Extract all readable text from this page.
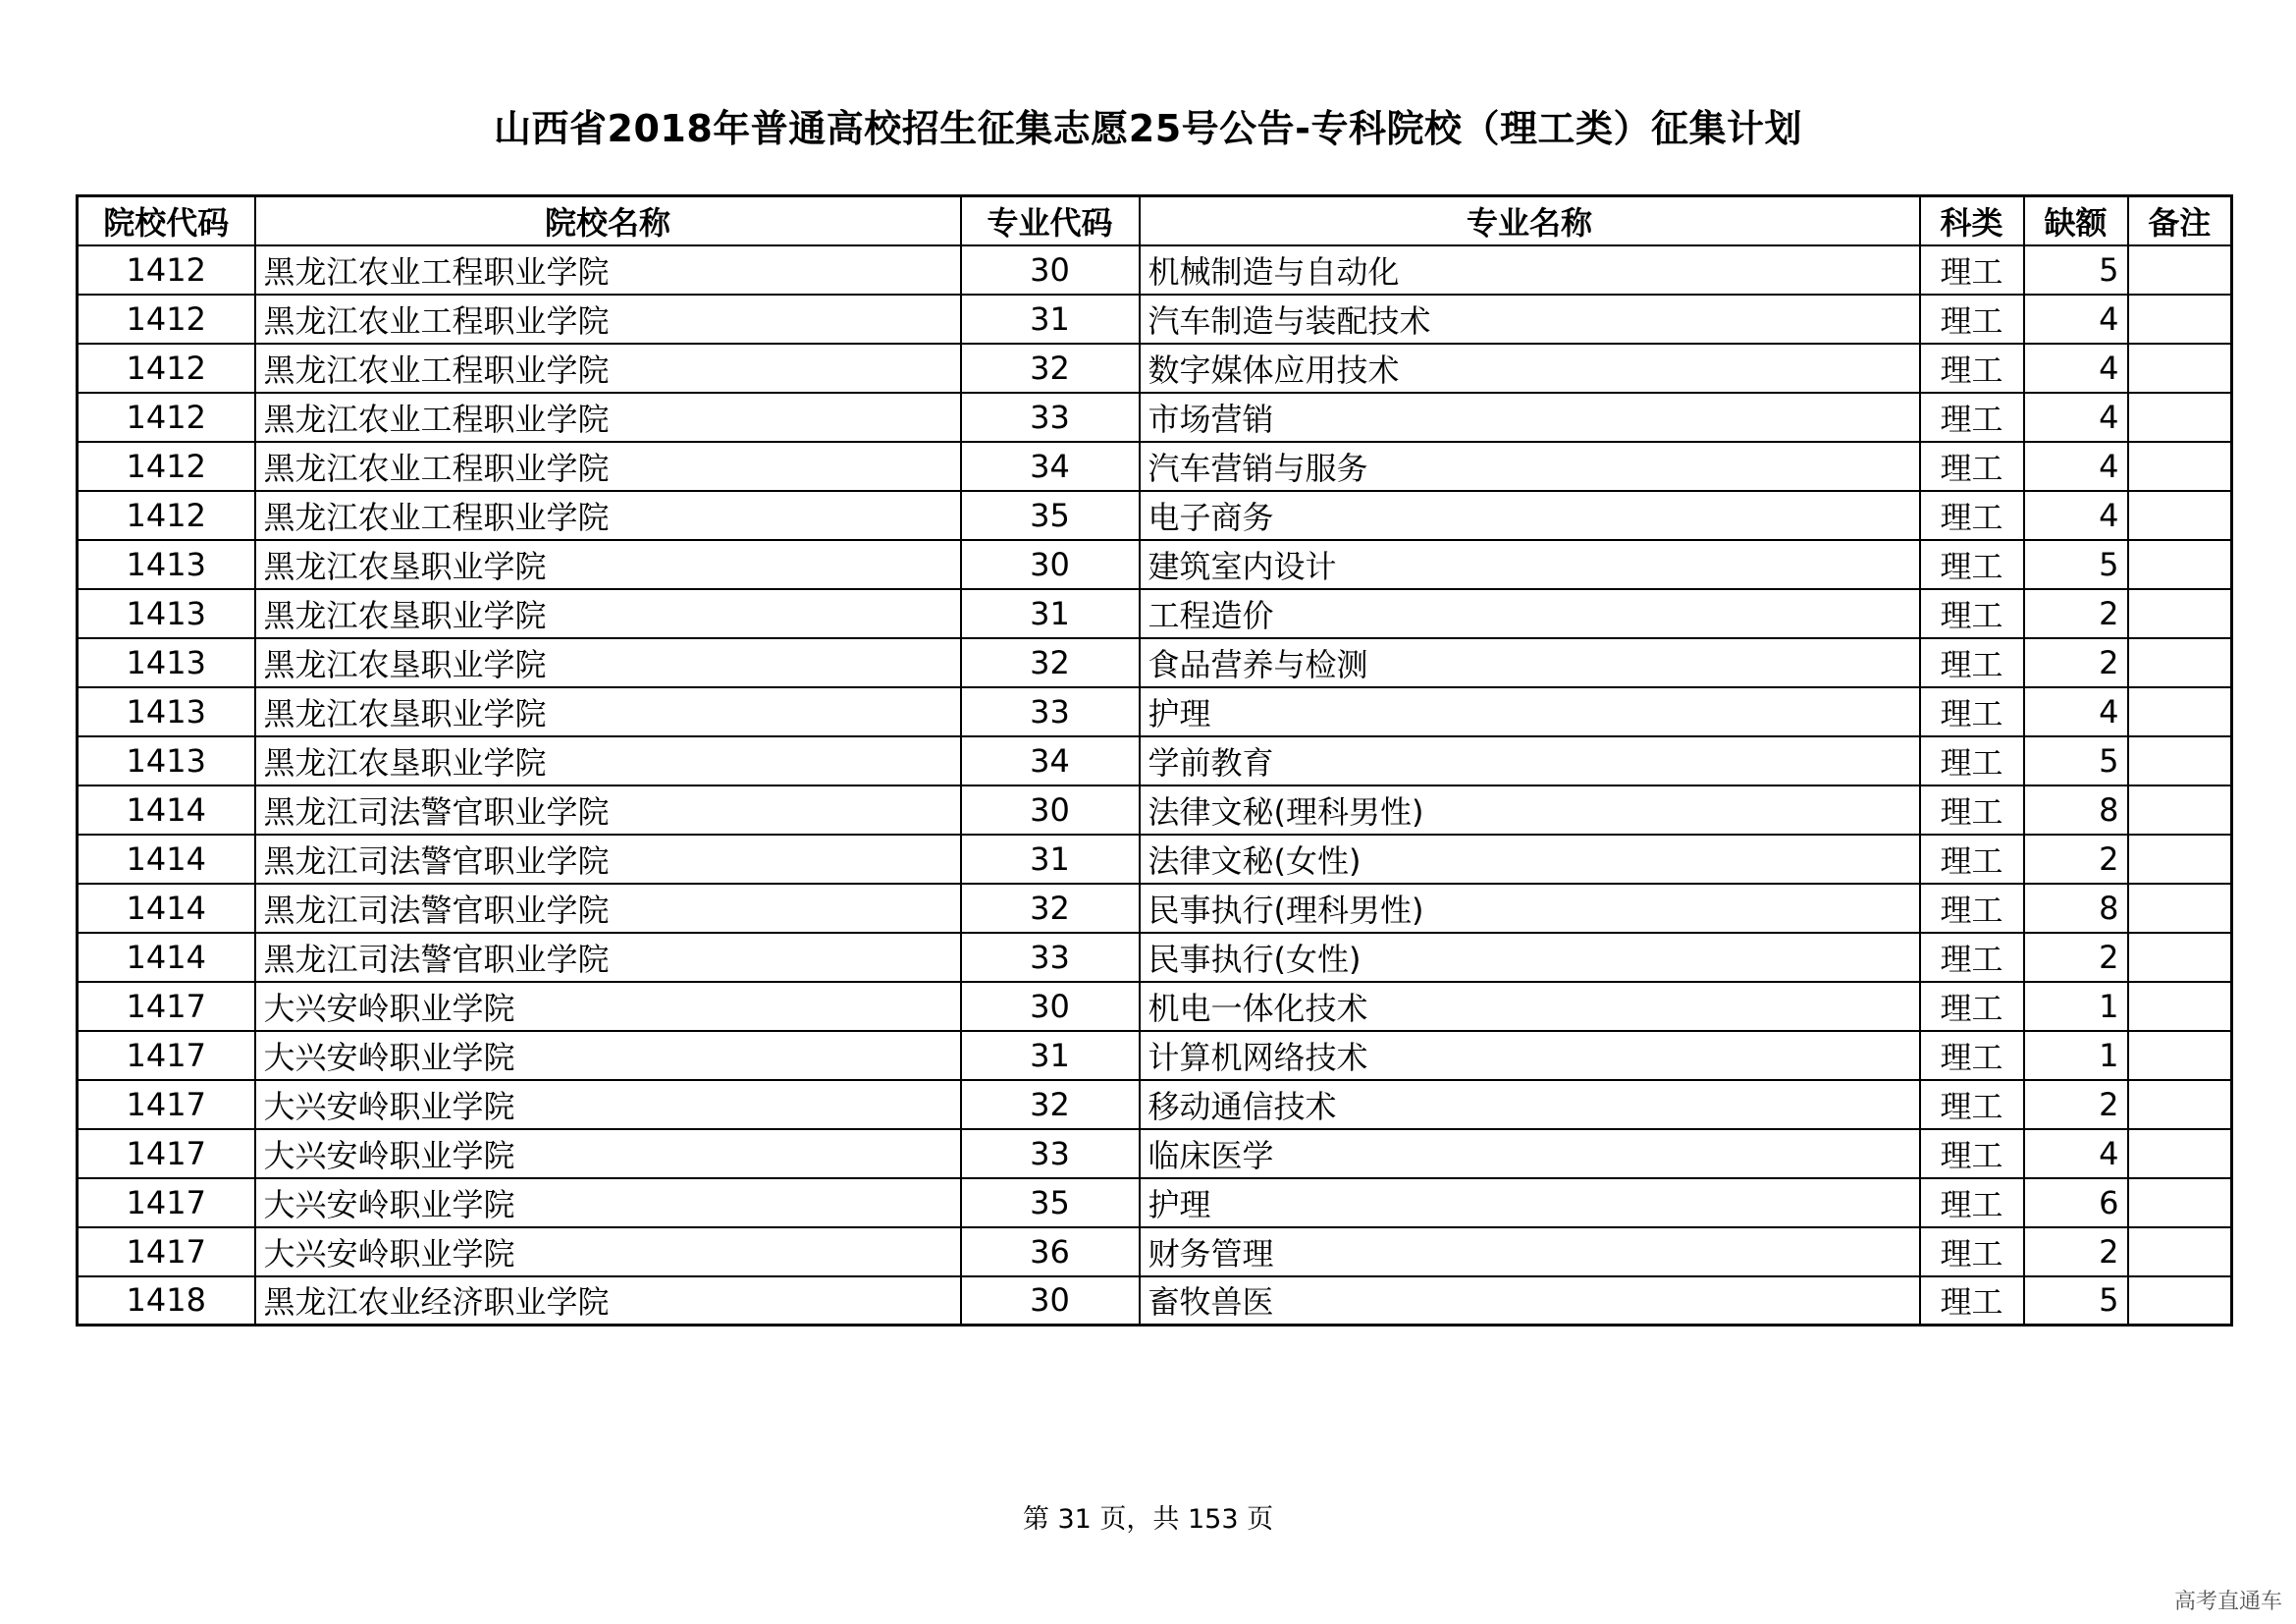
山西省2018年普通高校招生征集志愿25号公告-专科院校（理工类）征集计划
院校代码	院校名称	专业代码	专业名称	科类	缺额	备注
1412	黑龙江农业工程职业学院	30	机械制造与自动化	理工	5	
1412	黑龙江农业工程职业学院	31	汽车制造与装配技术	理工	4	
1412	黑龙江农业工程职业学院	32	数字媒体应用技术	理工	4	
1412	黑龙江农业工程职业学院	33	市场营销	理工	4	
1412	黑龙江农业工程职业学院	34	汽车营销与服务	理工	4	
1412	黑龙江农业工程职业学院	35	电子商务	理工	4	
1413	黑龙江农垦职业学院	30	建筑室内设计	理工	5	
1413	黑龙江农垦职业学院	31	工程造价	理工	2	
1413	黑龙江农垦职业学院	32	食品营养与检测	理工	2	
1413	黑龙江农垦职业学院	33	护理	理工	4	
1413	黑龙江农垦职业学院	34	学前教育	理工	5	
1414	黑龙江司法警官职业学院	30	法律文秘(理科男性)	理工	8	
1414	黑龙江司法警官职业学院	31	法律文秘(女性)	理工	2	
1414	黑龙江司法警官职业学院	32	民事执行(理科男性)	理工	8	
1414	黑龙江司法警官职业学院	33	民事执行(女性)	理工	2	
1417	大兴安岭职业学院	30	机电一体化技术	理工	1	
1417	大兴安岭职业学院	31	计算机网络技术	理工	1	
1417	大兴安岭职业学院	32	移动通信技术	理工	2	
1417	大兴安岭职业学院	33	临床医学	理工	4	
1417	大兴安岭职业学院	35	护理	理工	6	
1417	大兴安岭职业学院	36	财务管理	理工	2	
1418	黑龙江农业经济职业学院	30	畜牧兽医	理工	5	
第 31 页，共 153 页
高考直通车
